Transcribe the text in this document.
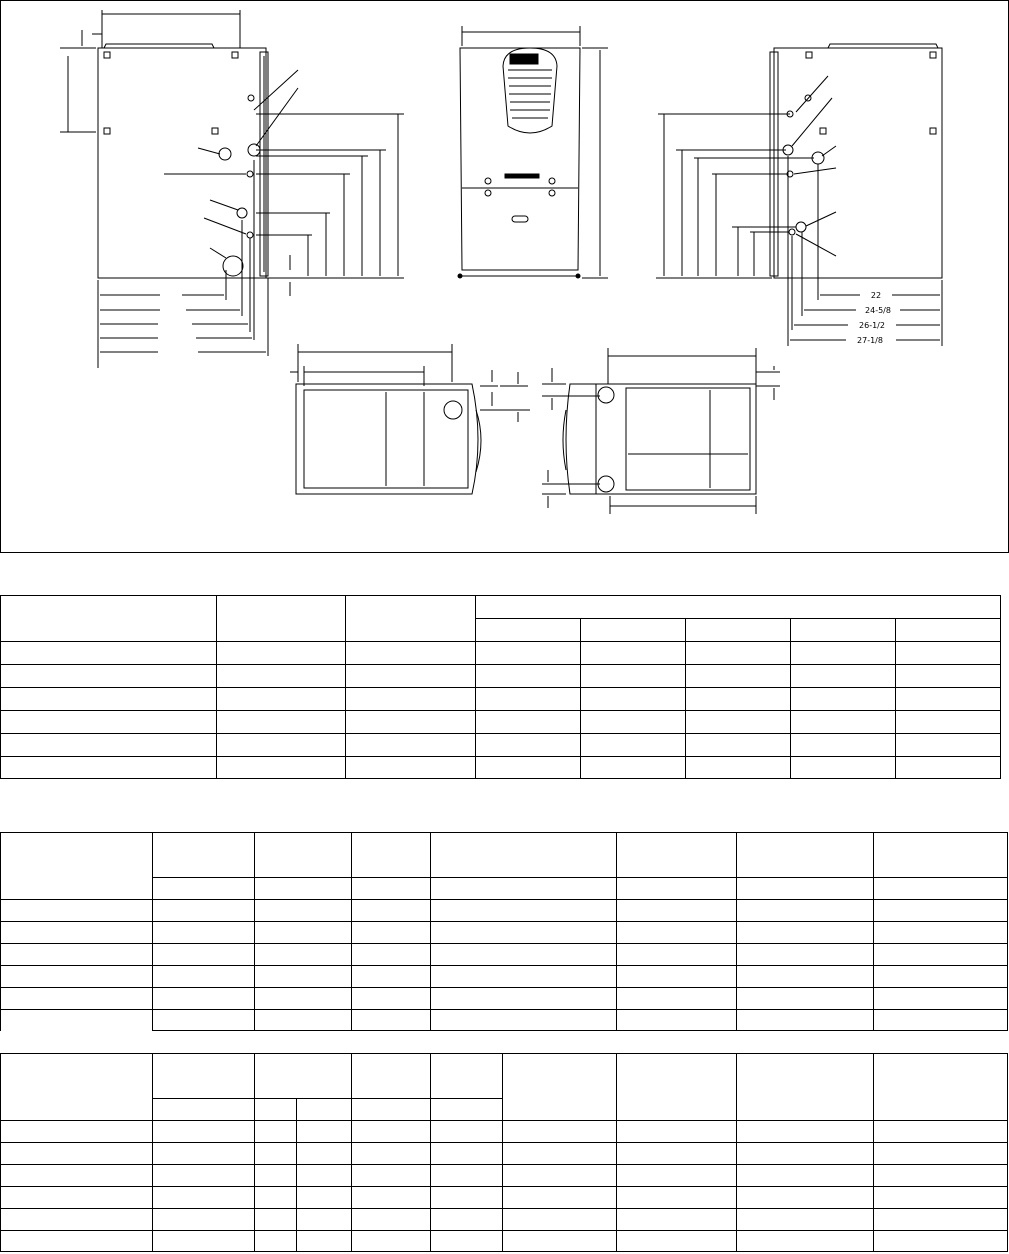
YORK
22
24-5/8
26-1/2
27-1/8
